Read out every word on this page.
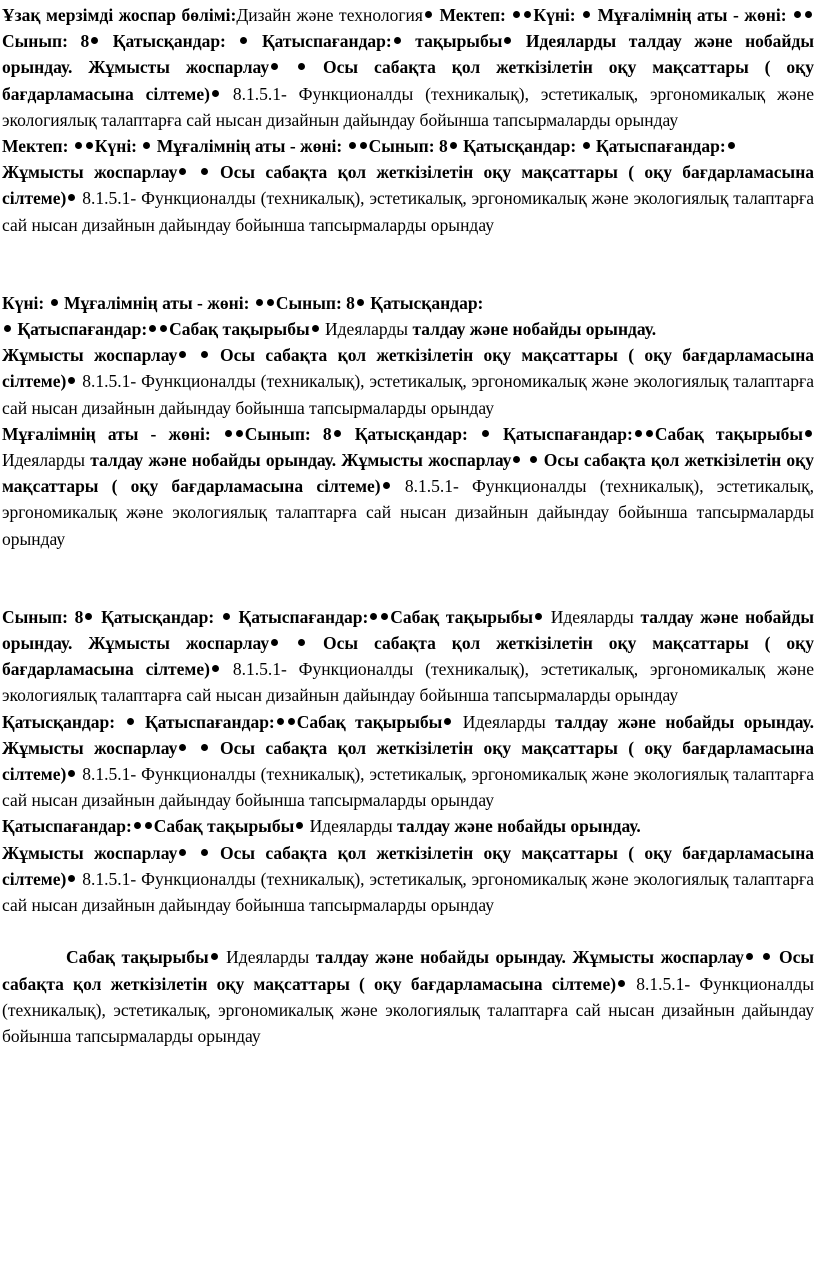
Ұзақ мерзімді жоспар бөлімі:Дизайн және технология Мектеп: Күні: Мұғалімнің аты - жөні: Сынып: 8 Қатысқандар: Қатыспағандар: тақырыбы Идеяларды талдау және нобайды орындау. Жұмысты жоспарлау	Осы сабақта қол жеткізілетін оқу мақсаттары ( оқу бағдарламасына сілтеме) 8.1.5.1- Функционалды (техникалық), эстетикалық, эргономикалық және экологиялық талаптарға сай нысан дизайнын дайындау бойынша тапсырмаларды орындау

Мектеп: Күні: Мұғалімнің аты - жөні: Сынып: 8 Қатысқандар: Қатыспағандар:
Жұмысты жоспарлау Осы сабақта қол жеткізілетін оқу мақсаттары ( оқу бағдарламасына сілтеме) 8.1.5.1- Функционалды (техникалық), эстетикалық, эргономикалық және экологиялық талаптарға сай нысан дизайнын дайындау бойынша тапсырмаларды орындау

Күні: Мұғалімнің аты - жөні: Сынып: 8 Қатысқандар:
Қатыспағандар: Сабақ тақырыбы Идеяларды талдау және нобайды орындау.
Жұмысты жоспарлау Осы сабақта қол жеткізілетін оқу мақсаттары ( оқу бағдарламасына сілтеме) 8.1.5.1- Функционалды (техникалық), эстетикалық, эргономикалық және экологиялық талаптарға сай нысан дизайнын дайындау бойынша тапсырмаларды орындау

Мұғалімнің аты - жөні: Сынып: 8 Қатысқандар: Қатыспағандар: Сабақ тақырыбы Идеяларды талдау және нобайды орындау. Жұмысты жоспарлау Осы сабақта қол жеткізілетін оқу мақсаттары ( оқу бағдарламасына сілтеме) 8.1.5.1- Функционалды (техникалық), эстетикалық, эргономикалық және экологиялық талаптарға сай нысан дизайнын дайындау бойынша тапсырмаларды орындау

Сынып: 8 Қатысқандар: Қатыспағандар: Сабақ тақырыбы Идеяларды талдау және нобайды орындау. Жұмысты жоспарлау	Осы сабақта қол жеткізілетін оқу мақсаттары ( оқу бағдарламасына сілтеме) 8.1.5.1- Функционалды (техникалық), эстетикалық, эргономикалық және экологиялық талаптарға сай нысан дизайнын дайындау бойынша тапсырмаларды орындау

Қатысқандар: Қатыспағандар: Сабақ тақырыбы Идеяларды талдау және нобайды орындау. Жұмысты жоспарлау Осы сабақта қол жеткізілетін оқу мақсаттары ( оқу бағдарламасына сілтеме) 8.1.5.1- Функционалды (техникалық), эстетикалық, эргономикалық және экологиялық талаптарға сай нысан дизайнын дайындау бойынша тапсырмаларды орындау

Қатыспағандар: Сабақ тақырыбы Идеяларды талдау және нобайды орындау.
Жұмысты жоспарлау Осы сабақта қол жеткізілетін оқу мақсаттары ( оқу бағдарламасына сілтеме) 8.1.5.1- Функционалды (техникалық), эстетикалық, эргономикалық және экологиялық талаптарға сай нысан дизайнын дайындау бойынша тапсырмаларды орындау

Сабақ тақырыбы Идеяларды талдау және нобайды орындау. Жұмысты жоспарлау Осы сабақта қол жеткізілетін оқу мақсаттары ( оқу бағдарламасына сілтеме) 8.1.5.1- Функционалды (техникалық), эстетикалық, эргономикалық және экологиялық талаптарға сай нысан дизайнын дайындау бойынша тапсырмаларды орындау
